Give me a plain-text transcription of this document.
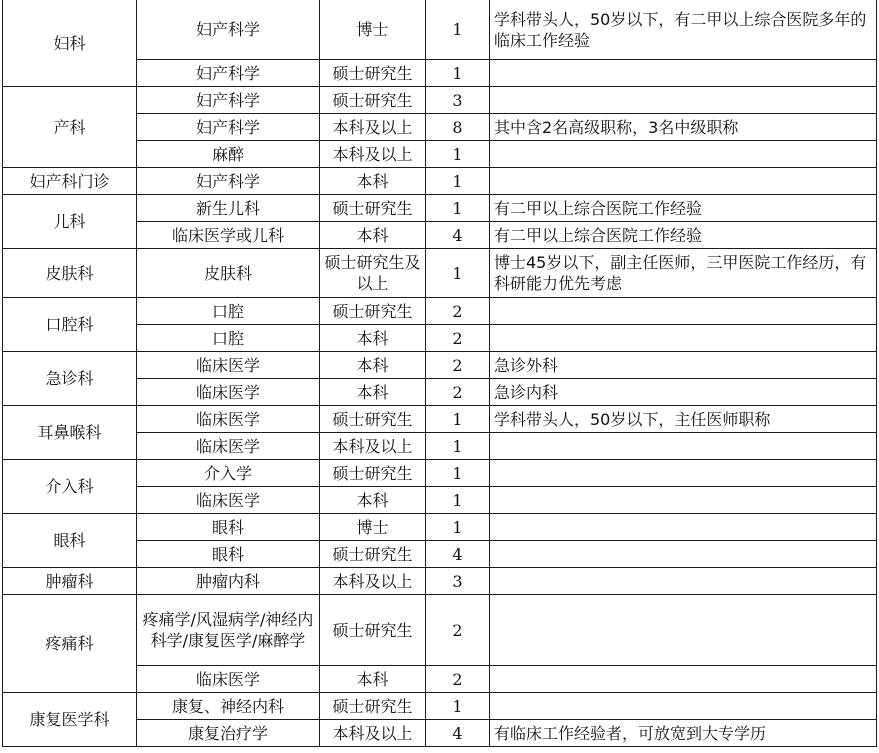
妇科	妇产科学	博士	1	学科带头人，50岁以下，有二甲以上综合医院多年的临床工作经验
	妇产科学	硕士研究生	1	
产科	妇产科学	硕士研究生	3	
	妇产科学	本科及以上	8	其中含2名高级职称，3名中级职称
	麻醉	本科及以上	1	
妇产科门诊	妇产科学	本科	1	
儿科	新生儿科	硕士研究生	1	有二甲以上综合医院工作经验
	临床医学或儿科	本科	4	有二甲以上综合医院工作经验
皮肤科	皮肤科	硕士研究生及以上	1	博士45岁以下，副主任医师，三甲医院工作经历，有科研能力优先考虑
口腔科	口腔	硕士研究生	2	
	口腔	本科	2	
急诊科	临床医学	本科	2	急诊外科
	临床医学	本科	2	急诊内科
耳鼻喉科	临床医学	硕士研究生	1	学科带头人，50岁以下，主任医师职称
	临床医学	本科及以上	1	
介入科	介入学	硕士研究生	1	
	临床医学	本科	1	
眼科	眼科	博士	1	
	眼科	硕士研究生	4	
肿瘤科	肿瘤内科	本科及以上	3	
疼痛科	疼痛学/风湿病学/神经内科学/康复医学/麻醉学	硕士研究生	2	
	临床医学	本科	2	
康复医学科	康复、神经内科	硕士研究生	1	
	康复治疗学	本科及以上	4	有临床工作经验者，可放宽到大专学历
